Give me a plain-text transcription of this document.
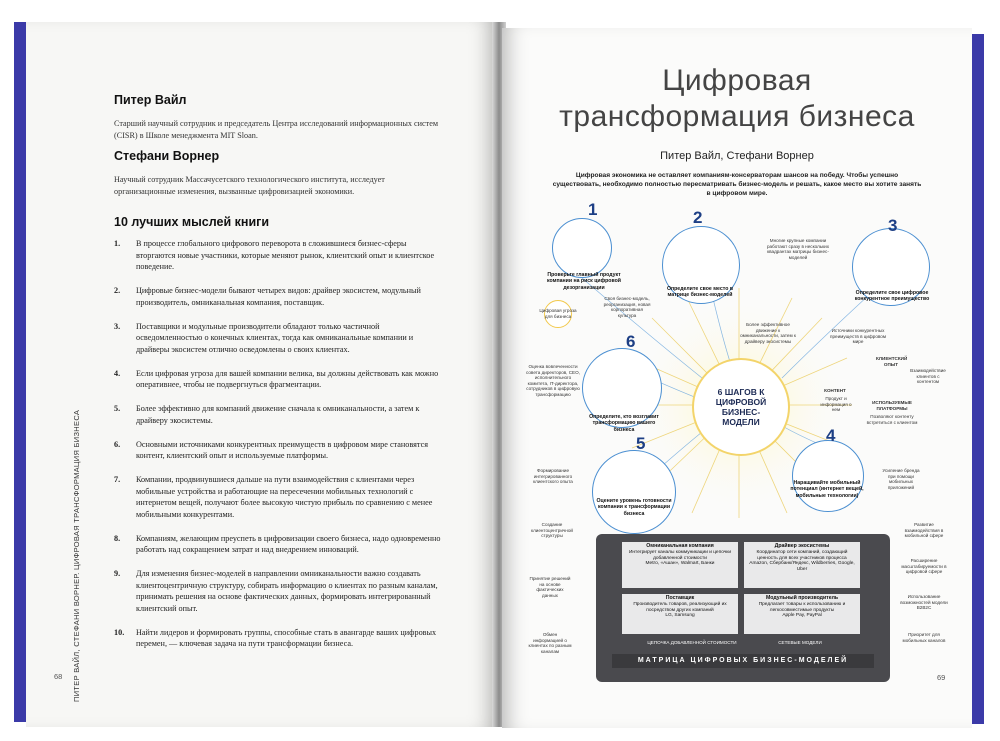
Питер Вайл
Старший научный сотрудник и председатель Центра исследований информационных систем (CISR) в Школе менеджмента MIT Sloan.
Стефани Ворнер
Научный сотрудник Массачусетского технологического института, исследует организационные изменения, вызванные цифровизацией экономики.
10 лучших мыслей книги
1. В процессе глобального цифрового переворота в сложившиеся бизнес-сферы вторгаются новые участники, которые меняют рынок, клиентский опыт и клиентское поведение.
2. Цифровые бизнес-модели бывают четырех видов: драйвер экосистем, модульный производитель, омниканальная компания, поставщик.
3. Поставщики и модульные производители обладают только частичной осведомленностью о конечных клиентах, тогда как омниканальные компании и драйверы экосистем отлично осведомлены о своих клиентах.
4. Если цифровая угроза для вашей компании велика, вы должны действовать как можно оперативнее, чтобы не подвергнуться фрагментации.
5. Более эффективно для компаний движение сначала к омниканальности, а затем к драйверу экосистемы.
6. Основными источниками конкурентных преимуществ в цифровом мире становятся контент, клиентский опыт и используемые платформы.
7. Компании, продвинувшиеся дальше на пути взаимодействия с клиентами через мобильные устройства и работающие на пересечении мобильных технологий с интернетом вещей, получают более высокую чистую прибыль по сравнению с менее мобильными конкурентами.
8. Компаниям, желающим преуспеть в цифровизации своего бизнеса, надо одновременно работать над сокращением затрат и над внедрением инноваций.
9. Для изменения бизнес-моделей в направлении омниканальности важно создавать клиентоцентричную структуру, собирать информацию о клиентах по разным каналам, принимать решения на основе фактических данных, формировать интегрированный клиентский опыт.
10. Найти лидеров и формировать группы, способные стать в авангарде ваших цифровых перемен, — ключевая задача на пути трансформации бизнеса.
ПИТЕР ВАЙЛ, СТЕФАНИ ВОРНЕР. ЦИФРОВАЯ ТРАНСФОРМАЦИЯ БИЗНЕСА
68
Цифровая
трансформация бизнеса
Питер Вайл, Стефани Ворнер
Цифровая экономика не оставляет компаниям-консерваторам шансов на победу. Чтобы успешно существовать, необходимо полностью пересматривать бизнес-модель и решать, какое место вы хотите занять в цифровом мире.
6 ШАГОВ К ЦИФРОВОЙ БИЗНЕС-МОДЕЛИ
1
Проверьте главный продукт компании на риск цифровой дезорганизации
2
Определите свое место в матрице бизнес-моделей
3
Определите свое цифровое конкурентное преимущество
6
Определите, кто возглавит трансформацию вашего бизнеса
5
Оцените уровень готовности компании к трансформации бизнеса
4
Наращивайте мобильный потенциал (интернет вещей, мобильные технологии)
Цифровая угроза для бизнеса
Своя бизнес-модель, реорганизация, новая корпоративная культура
Многие крупные компании работают сразу в нескольких квадрантах матрицы бизнес-моделей
Более эффективное движение к омниканальности, затем к драйверу экосистемы
Источники конкурентных преимуществ в цифровом мире
КЛИЕНТСКИЙ ОПЫТ
Взаимодействие клиентов с контентом
КОНТЕНТ
Продукт и информация о нем
ИСПОЛЬЗУЕМЫЕ ПЛАТФОРМЫ
Позволяют контенту встретиться с клиентом
Оценка вовлеченности совета директоров, CEO, исполнительного комитета, IT-директора, сотрудников в цифровую трансформацию
Усиление бренда при помощи мобильных приложений
Формирование интегрированного клиентского опыта
Создание клиентоцентричной структуры
Принятие решений на основе фактических данных
Обмен информацией о клиентах по разным каналам
Развитие взаимодействия в мобильной сфере
Расширение масштабируемости в цифровой сфере
Использование возможностей модели B2B2C
Приоритет для мобильных каналов
Омниканальная компания
Интегрирует каналы коммуникации и цепочки добавленной стоимости
Metro, «Ашан», Walmart, Банки
Драйвер экосистемы
Координатор сети компаний, создающий ценность для всех участников процесса
Amazon, Сбербанк/Яндекс, Wildberries, Google, Uber
Поставщик
Производитель товаров, реализующий их посредством других компаний
LG, Samsung
Модульный производитель
Предлагает товары к использованию и легкосовместимые продукты
Apple Pay, PayPal
ЦЕПОЧКА ДОБАВЛЕННОЙ СТОИМОСТИ	СЕТЕВЫЕ МОДЕЛИ
МАТРИЦА ЦИФРОВЫХ БИЗНЕС-МОДЕЛЕЙ
69
